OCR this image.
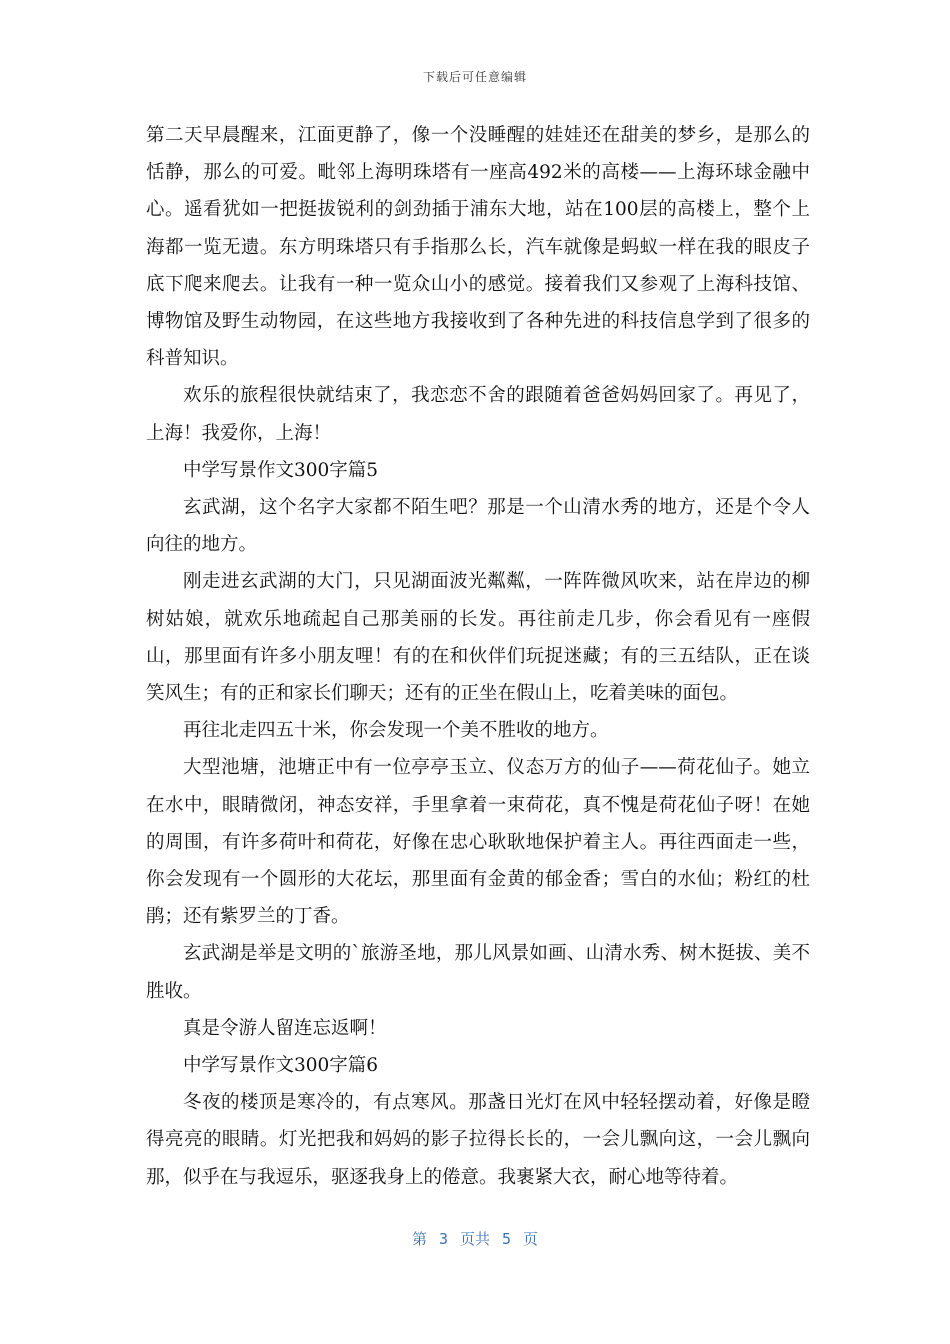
下载后可任意编辑

第二天早晨醒来，江面更静了，像一个没睡醒的娃娃还在甜美的梦乡，是那么的恬静，那么的可爱。毗邻上海明珠塔有一座高492米的高楼——上海环球金融中心。遥看犹如一把挺拔锐利的剑劲插于浦东大地，站在100层的高楼上，整个上海都一览无遗。东方明珠塔只有手指那么长，汽车就像是蚂蚁一样在我的眼皮子底下爬来爬去。让我有一种一览众山小的感觉。接着我们又参观了上海科技馆、博物馆及野生动物园，在这些地方我接收到了各种先进的科技信息学到了很多的科普知识。

欢乐的旅程很快就结束了，我恋恋不舍的跟随着爸爸妈妈回家了。再见了，上海！我爱你，上海！

中学写景作文300字篇5

玄武湖，这个名字大家都不陌生吧？那是一个山清水秀的地方，还是个令人向往的地方。

刚走进玄武湖的大门，只见湖面波光粼粼，一阵阵微风吹来，站在岸边的柳树姑娘，就欢乐地疏起自己那美丽的长发。再往前走几步，你会看见有一座假山，那里面有许多小朋友哩！有的在和伙伴们玩捉迷藏；有的三五结队，正在谈笑风生；有的正和家长们聊天；还有的正坐在假山上，吃着美味的面包。

再往北走四五十米，你会发现一个美不胜收的地方。

大型池塘，池塘正中有一位亭亭玉立、仪态万方的仙子——荷花仙子。她立在水中，眼睛微闭，神态安祥，手里拿着一束荷花，真不愧是荷花仙子呀！在她的周围，有许多荷叶和荷花，好像在忠心耿耿地保护着主人。再往西面走一些，你会发现有一个圆形的大花坛，那里面有金黄的郁金香；雪白的水仙；粉红的杜鹃；还有紫罗兰的丁香。

玄武湖是举是文明的`旅游圣地，那儿风景如画、山清水秀、树木挺拔、美不胜收。

真是令游人留连忘返啊！

中学写景作文300字篇6

冬夜的楼顶是寒冷的，有点寒风。那盏日光灯在风中轻轻摆动着，好像是瞪得亮亮的眼睛。灯光把我和妈妈的影子拉得长长的，一会儿飘向这，一会儿飘向那，似乎在与我逗乐，驱逐我身上的倦意。我裹紧大衣，耐心地等待着。

第 3 页共 5 页
